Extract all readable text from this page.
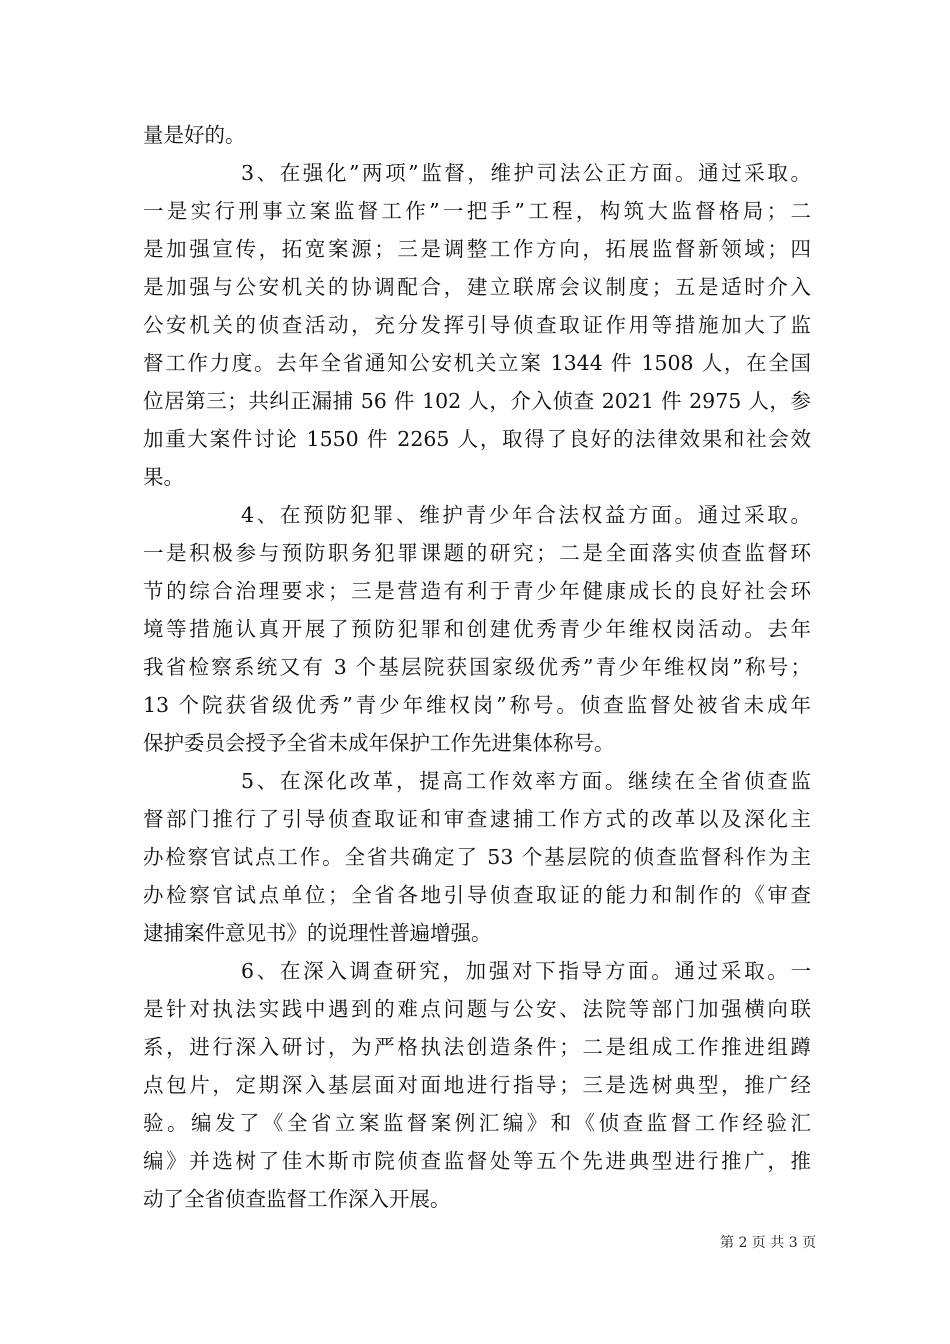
量是好的。
3、在强化”两项”监督，维护司法公正方面。通过采取。
一是实行刑事立案监督工作”一把手”工程，构筑大监督格局；二
是加强宣传，拓宽案源；三是调整工作方向，拓展监督新领域；四
是加强与公安机关的协调配合，建立联席会议制度；五是适时介入
公安机关的侦查活动，充分发挥引导侦查取证作用等措施加大了监
督工作力度。去年全省通知公安机关立案 1344 件 1508 人，在全国
位居第三；共纠正漏捕 56 件 102 人，介入侦查 2021 件 2975 人，参
加重大案件讨论 1550 件 2265 人，取得了良好的法律效果和社会效
果。
4、在预防犯罪、维护青少年合法权益方面。通过采取。
一是积极参与预防职务犯罪课题的研究；二是全面落实侦查监督环
节的综合治理要求；三是营造有利于青少年健康成长的良好社会环
境等措施认真开展了预防犯罪和创建优秀青少年维权岗活动。去年
我省检察系统又有 3 个基层院获国家级优秀”青少年维权岗”称号；
13 个院获省级优秀”青少年维权岗”称号。侦查监督处被省未成年
保护委员会授予全省未成年保护工作先进集体称号。
5、在深化改革，提高工作效率方面。继续在全省侦查监
督部门推行了引导侦查取证和审查逮捕工作方式的改革以及深化主
办检察官试点工作。全省共确定了 53 个基层院的侦查监督科作为主
办检察官试点单位；全省各地引导侦查取证的能力和制作的《审查
逮捕案件意见书》的说理性普遍增强。
6、在深入调查研究，加强对下指导方面。通过采取。一
是针对执法实践中遇到的难点问题与公安、法院等部门加强横向联
系，进行深入研讨，为严格执法创造条件；二是组成工作推进组蹲
点包片，定期深入基层面对面地进行指导；三是选树典型，推广经
验。编发了《全省立案监督案例汇编》和《侦查监督工作经验汇
编》并选树了佳木斯市院侦查监督处等五个先进典型进行推广，推
动了全省侦查监督工作深入开展。
第 2 页 共 3 页
